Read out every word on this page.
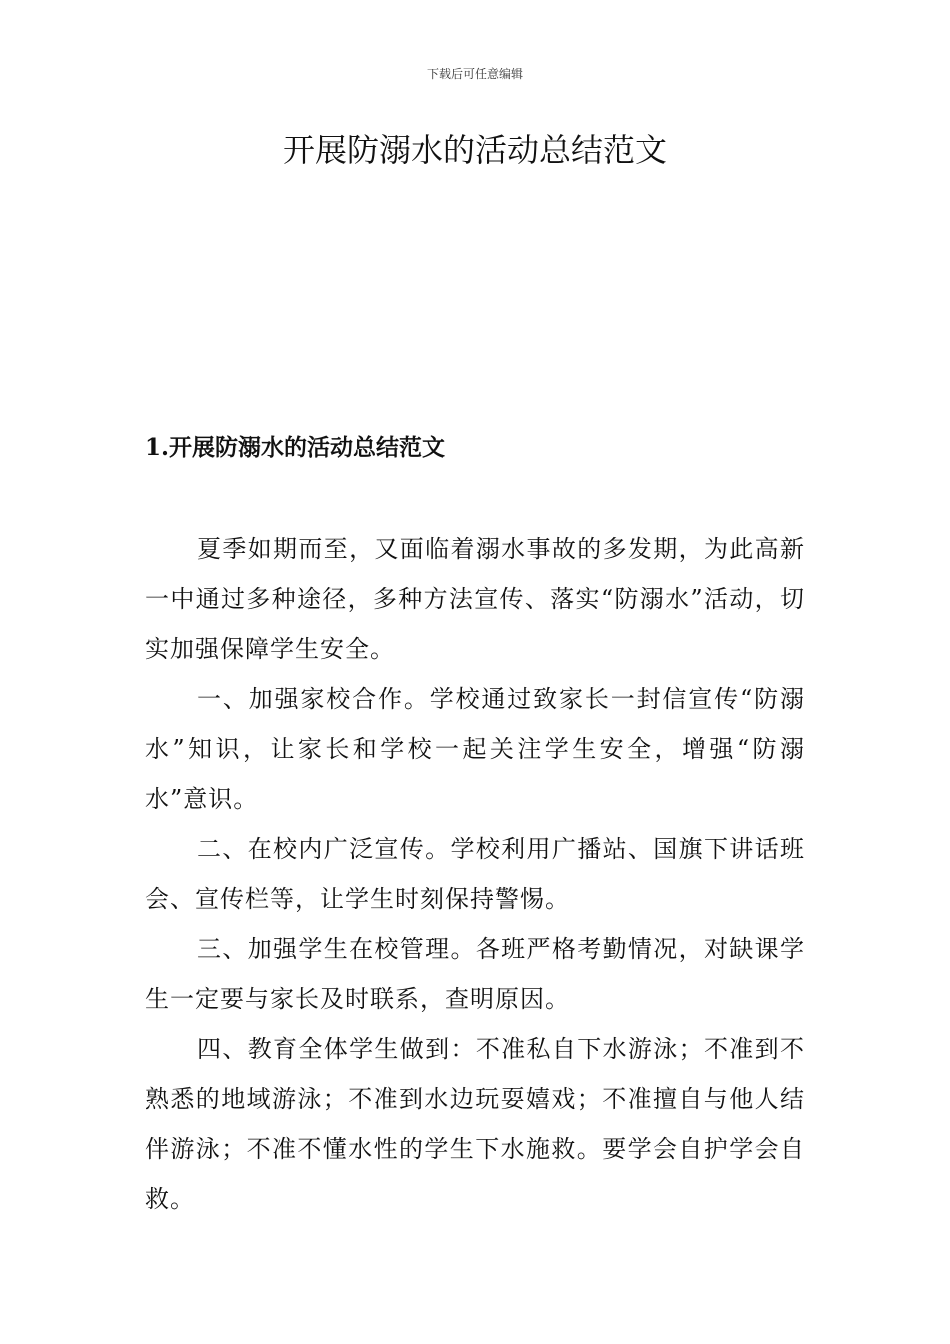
下载后可任意编辑
开展防溺水的活动总结范文
1.开展防溺水的活动总结范文

夏季如期而至，又面临着溺水事故的多发期，为此高新一中通过多种途径，多种方法宣传、落实“防溺水”活动，切实加强保障学生安全。

一、加强家校合作。学校通过致家长一封信宣传“防溺水”知识，让家长和学校一起关注学生安全，增强“防溺水”意识。

二、在校内广泛宣传。学校利用广播站、国旗下讲话班会、宣传栏等，让学生时刻保持警惕。

三、加强学生在校管理。各班严格考勤情况，对缺课学生一定要与家长及时联系，查明原因。

四、教育全体学生做到：不准私自下水游泳；不准到不熟悉的地域游泳；不准到水边玩耍嬉戏；不准擅自与他人结伴游泳；不准不懂水性的学生下水施救。要学会自护学会自救。
